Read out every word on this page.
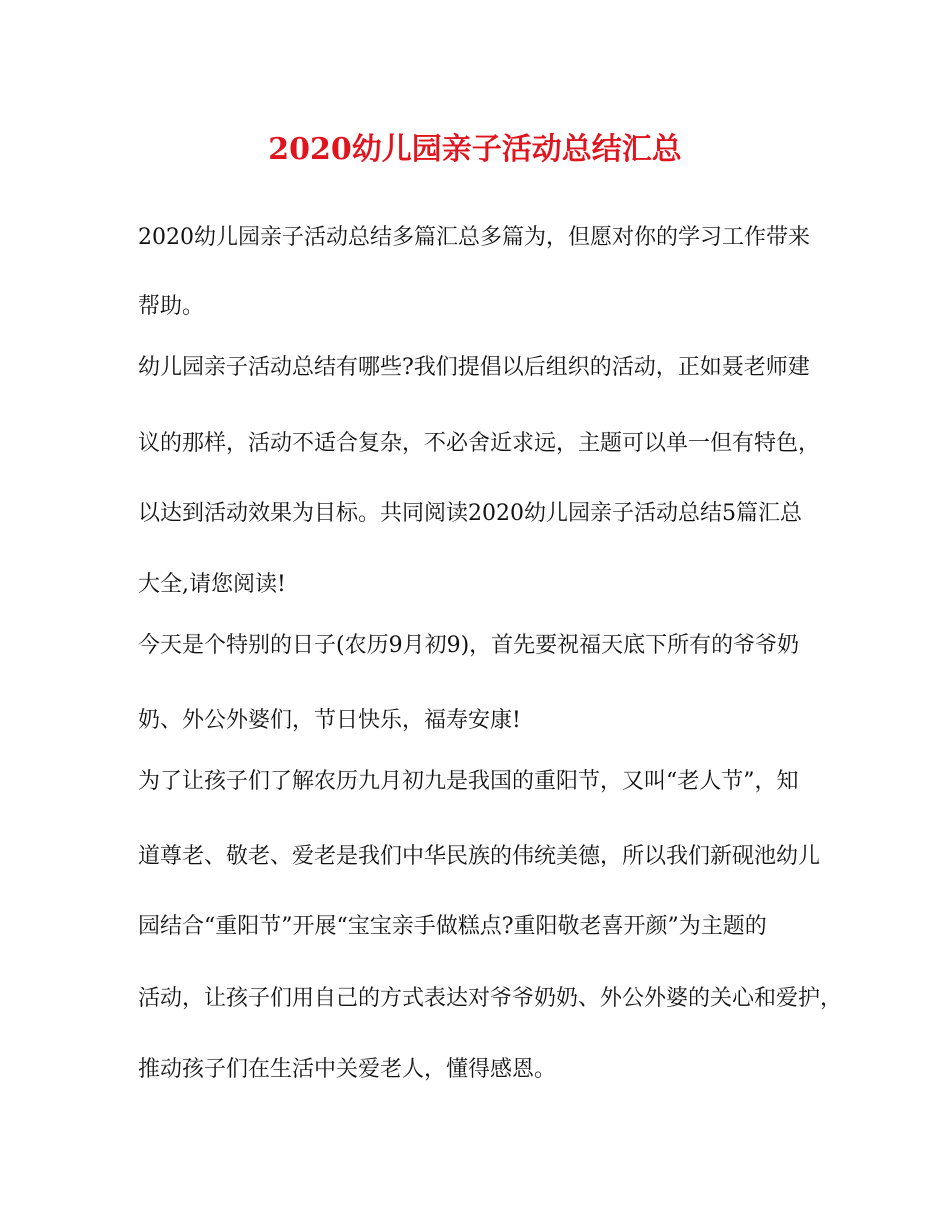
2020幼儿园亲子活动总结汇总
2020幼儿园亲子活动总结多篇汇总多篇为，但愿对你的学习工作带来
帮助。
幼儿园亲子活动总结有哪些?我们提倡以后组织的活动，正如聂老师建
议的那样，活动不适合复杂，不必舍近求远，主题可以单一但有特色，
以达到活动效果为目标。共同阅读2020幼儿园亲子活动总结5篇汇总
大全,请您阅读!
今天是个特别的日子(农历9月初9)，首先要祝福天底下所有的爷爷奶
奶、外公外婆们，节日快乐，福寿安康!
为了让孩子们了解农历九月初九是我国的重阳节，又叫“老人节”，知
道尊老、敬老、爱老是我们中华民族的伟统美德，所以我们新砚池幼儿
园结合“重阳节”开展“宝宝亲手做糕点?重阳敬老喜开颜”为主题的
活动，让孩子们用自己的方式表达对爷爷奶奶、外公外婆的关心和爱护，
推动孩子们在生活中关爱老人，懂得感恩。
